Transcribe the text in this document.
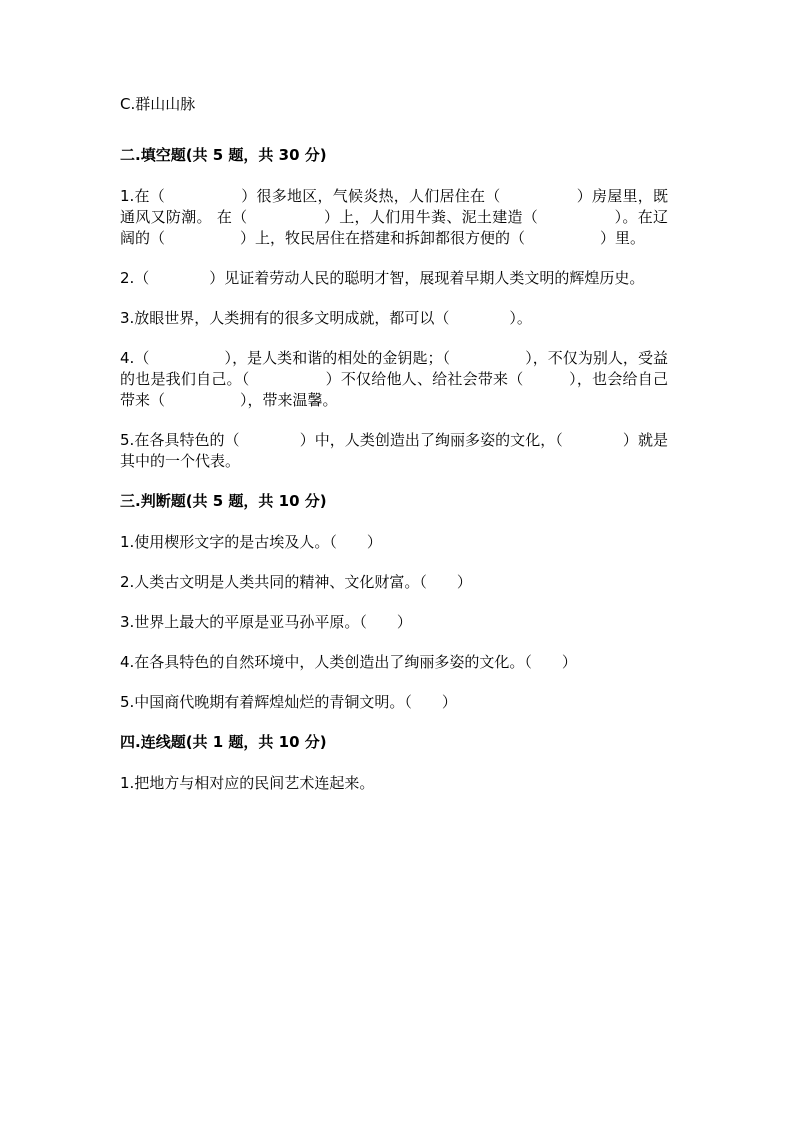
C.群山山脉
二.填空题(共 5 题，共 30 分)
1.在（　　　　　）很多地区，气候炎热，人们居住在（　　　　　）房屋里，既通风又防潮。 在（　　　　　）上，人们用牛粪、泥土建造（　　　　　）。在辽阔的（　　　　　）上，牧民居住在搭建和拆卸都很方便的（　　　　　）里。
2.（　　　　）见证着劳动人民的聪明才智，展现着早期人类文明的辉煌历史。
3.放眼世界，人类拥有的很多文明成就，都可以（　　　　）。
4.（　　　　　），是人类和谐的相处的金钥匙；（　　　　　），不仅为别人，受益的也是我们自己。（　　　　　）不仅给他人、给社会带来（　　　），也会给自己带来（　　　　　），带来温馨。
5.在各具特色的（　　　　）中，人类创造出了绚丽多姿的文化，（　　　　）就是其中的一个代表。
三.判断题(共 5 题，共 10 分)
1.使用楔形文字的是古埃及人。（　　）
2.人类古文明是人类共同的精神、文化财富。（　　）
3.世界上最大的平原是亚马孙平原。（　　）
4.在各具特色的自然环境中，人类创造出了绚丽多姿的文化。（　　）
5.中国商代晚期有着辉煌灿烂的青铜文明。（　　）
四.连线题(共 1 题，共 10 分)
1.把地方与相对应的民间艺术连起来。
